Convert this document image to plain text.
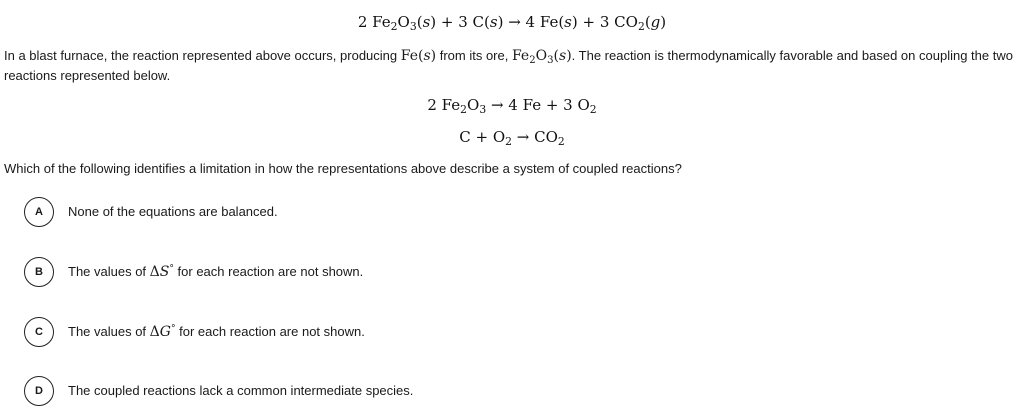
2 $Fe_2O_3(s) + 3$ C(s) → 4 Fe(s) + 3 $CO_2(g)$
In a blast furnace, the reaction represented above occurs, producing Fe(s) from its ore, $Fe_2O_3(s)$. The reaction is thermodynamically favorable and based on coupling the two reactions represented below.
2 $Fe_2O_3 \to 4$ Fe + 3 $O_2$
$C + O_2 \to CO_2$
Which of the following identifies a limitation in how the representations above describe a system of coupled reactions?
A	None of the equations are balanced.
B	The values of ΔS° for each reaction are not shown.
C	The values of ΔG° for each reaction are not shown.
D	The coupled reactions lack a common intermediate species.
